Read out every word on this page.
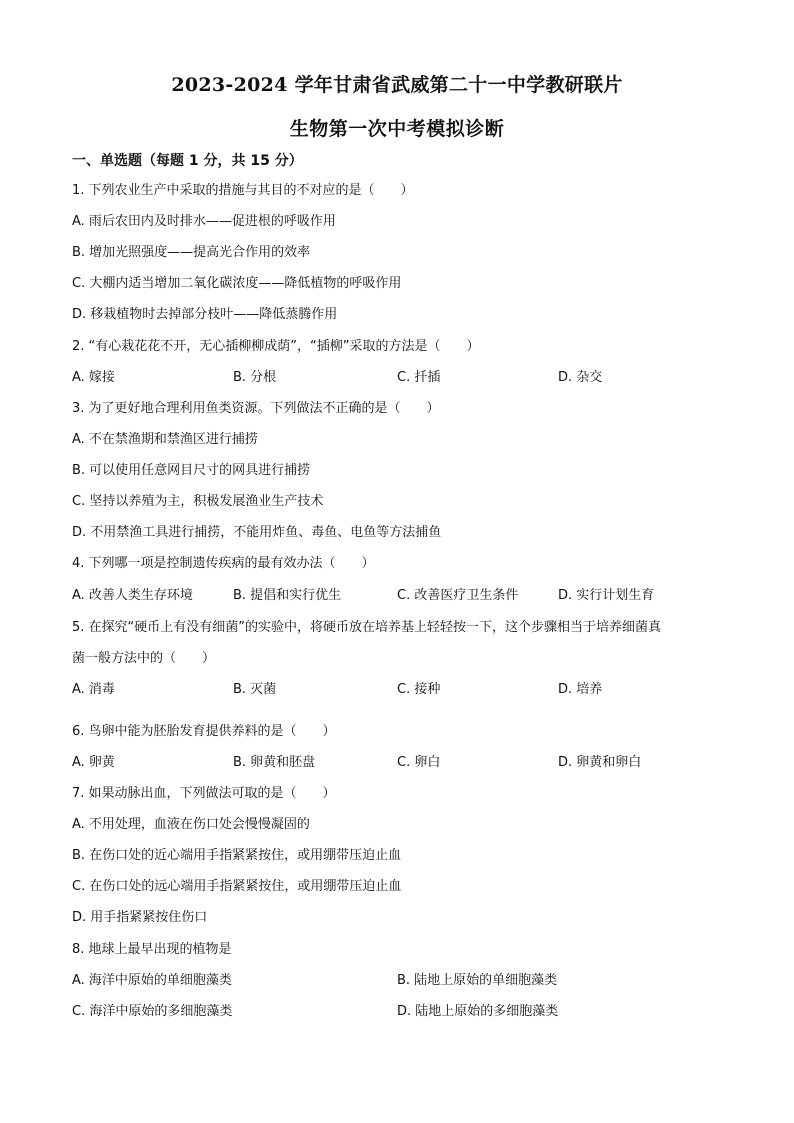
2023-2024 学年甘肃省武威第二十一中学教研联片
生物第一次中考模拟诊断
一、单选题（每题 1 分，共 15 分）
1. 下列农业生产中采取的措施与其目的不对应的是（　　）
A. 雨后农田内及时排水——促进根的呼吸作用
B. 增加光照强度——提高光合作用的效率
C. 大棚内适当增加二氧化碳浓度——降低植物的呼吸作用
D. 移栽植物时去掉部分枝叶——降低蒸腾作用
2. “有心栽花花不开，无心插柳柳成荫”，“插柳”采取的方法是（　　）
A. 嫁接	B. 分根	C. 扦插	D. 杂交
3. 为了更好地合理利用鱼类资源。下列做法不正确的是（　　）
A. 不在禁渔期和禁渔区进行捕捞
B. 可以使用任意网目尺寸的网具进行捕捞
C. 坚持以养殖为主，积极发展渔业生产技术
D. 不用禁渔工具进行捕捞，不能用炸鱼、毒鱼、电鱼等方法捕鱼
4. 下列哪一项是控制遗传疾病的最有效办法（　　）
A. 改善人类生存环境	B. 提倡和实行优生	C. 改善医疗卫生条件	D. 实行计划生育
5. 在探究“硬币上有没有细菌”的实验中，将硬币放在培养基上轻轻按一下，这个步骤相当于培养细菌真
菌一般方法中的（　　）
A. 消毒	B. 灭菌	C. 接种	D. 培养
6. 鸟卵中能为胚胎发育提供养料的是（　　）
A. 卵黄	B. 卵黄和胚盘	C. 卵白	D. 卵黄和卵白
7. 如果动脉出血，下列做法可取的是（　　）
A. 不用处理，血液在伤口处会慢慢凝固的
B. 在伤口处的近心端用手指紧紧按住，或用绷带压迫止血
C. 在伤口处的远心端用手指紧紧按住，或用绷带压迫止血
D. 用手指紧紧按住伤口
8. 地球上最早出现的植物是
A. 海洋中原始的单细胞藻类	B. 陆地上原始的单细胞藻类
C. 海洋中原始的多细胞藻类	D. 陆地上原始的多细胞藻类
